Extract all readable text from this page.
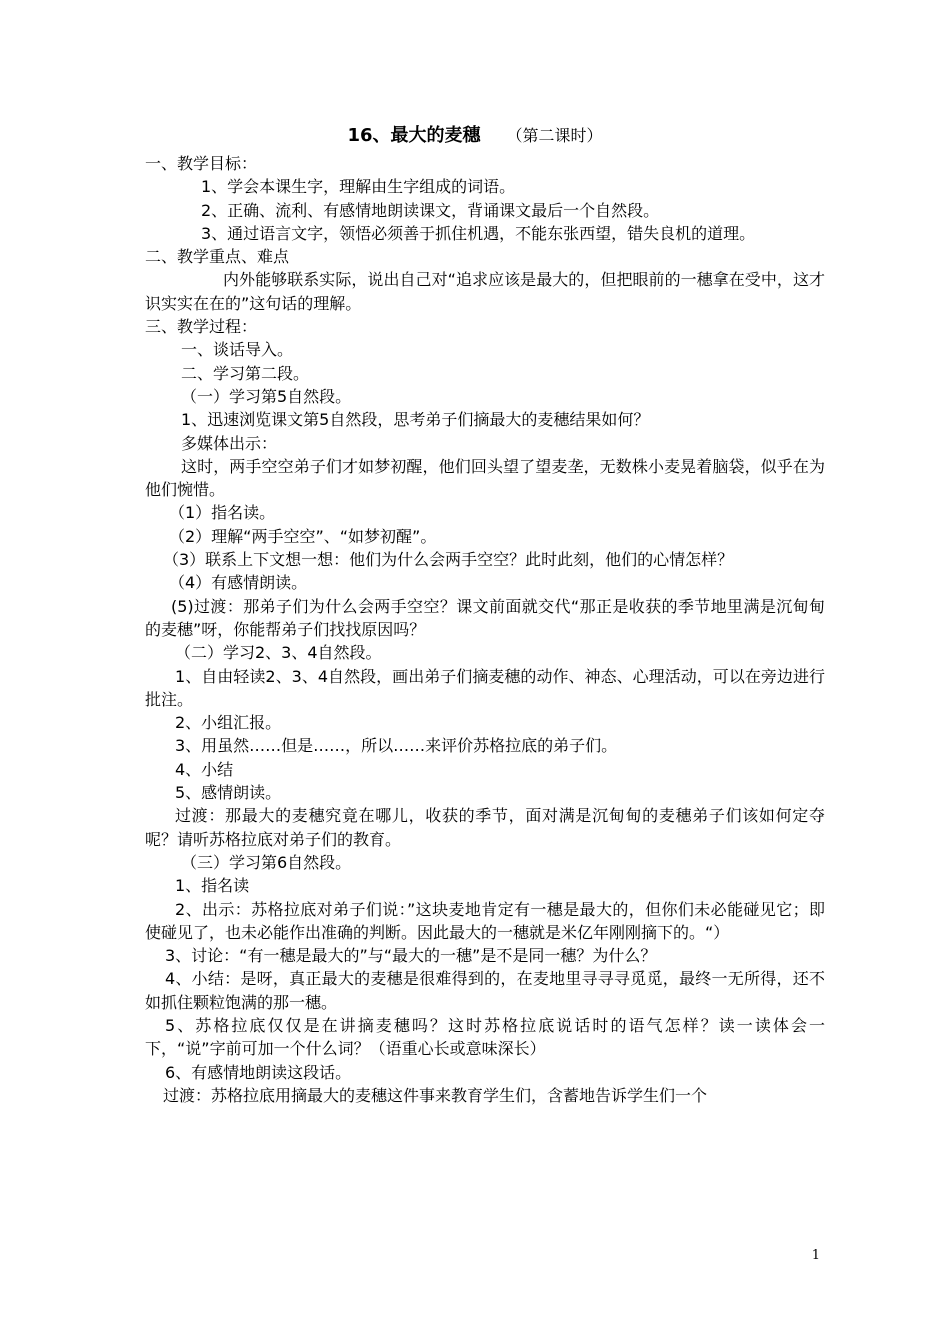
16、最大的麦穗 （第二课时）

一、教学目标：

1、学会本课生字，理解由生字组成的词语。

2、正确、流利、有感情地朗读课文，背诵课文最后一个自然段。

3、通过语言文字，领悟必须善于抓住机遇，不能东张西望，错失良机的道理。

二、教学重点、难点

内外能够联系实际，说出自己对“追求应该是最大的，但把眼前的一穗拿在受中，这才识实实在在的”这句话的理解。

三、教学过程：

一、谈话导入。

二、学习第二段。

（一）学习第5自然段。

1、迅速浏览课文第5自然段，思考弟子们摘最大的麦穗结果如何？

多媒体出示：

这时，两手空空弟子们才如梦初醒，他们回头望了望麦垄，无数株小麦晃着脑袋，似乎在为他们惋惜。

（1）指名读。

（2）理解“两手空空”、“如梦初醒”。

（3）联系上下文想一想：他们为什么会两手空空？此时此刻，他们的心情怎样？

（4）有感情朗读。

(5)过渡：那弟子们为什么会两手空空？课文前面就交代“那正是收获的季节地里满是沉甸甸的麦穗”呀，你能帮弟子们找找原因吗？

（二）学习2、3、4自然段。

1、自由轻读2、3、4自然段，画出弟子们摘麦穗的动作、神态、心理活动，可以在旁边进行批注。

2、小组汇报。

3、用虽然……但是……，所以……来评价苏格拉底的弟子们。

4、小结

5、感情朗读。

过渡：那最大的麦穗究竟在哪儿，收获的季节，面对满是沉甸甸的麦穗弟子们该如何定夺呢？请听苏格拉底对弟子们的教育。

（三）学习第6自然段。

1、指名读

2、出示：苏格拉底对弟子们说：”这块麦地肯定有一穗是最大的，但你们未必能碰见它；即使碰见了，也未必能作出准确的判断。因此最大的一穗就是米亿年刚刚摘下的。“）

3、讨论：“有一穗是最大的”与“最大的一穗”是不是同一穗？为什么？

4、小结：是呀，真正最大的麦穗是很难得到的，在麦地里寻寻寻觅觅，最终一无所得，还不如抓住颗粒饱满的那一穗。

5、苏格拉底仅仅是在讲摘麦穗吗？这时苏格拉底说话时的语气怎样？读一读体会一下，“说”字前可加一个什么词？（语重心长或意味深长）

6、有感情地朗读这段话。

过渡：苏格拉底用摘最大的麦穗这件事来教育学生们，含蓄地告诉学生们一个

1
